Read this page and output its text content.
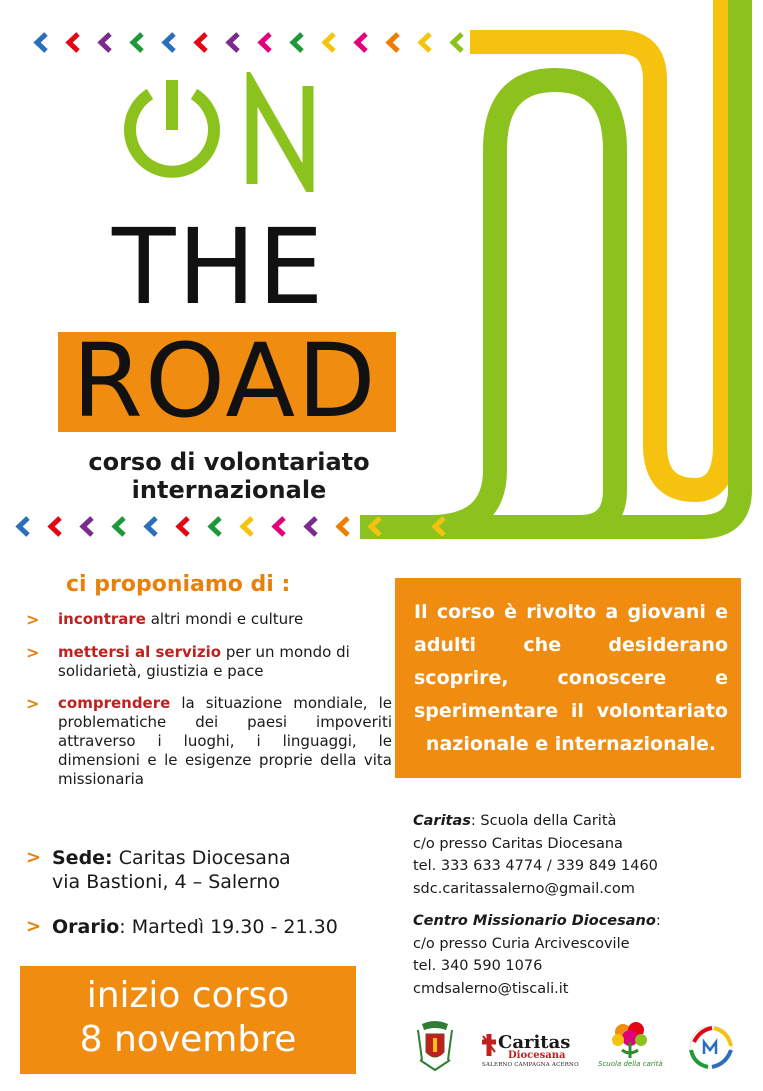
THE
ROAD
corso di volontariato
internazionale
ci proponiamo di :
> incontrare altri mondi e culture
> mettersi al servizio per un mondo di solidarietà, giustizia e pace
> comprendere la situazione mondiale, le problematiche dei paesi impoveriti attraverso i luoghi, i linguaggi, le dimensioni e le esigenze proprie della vita missionaria
> Sede: Caritas Diocesana
via Bastioni, 4 – Salerno
> Orario: Martedì 19.30 - 21.30
Il corso è rivolto a giovani e adulti che desiderano scoprire, conoscere e sperimentare il volontariato nazionale e internazionale.
Caritas: Scuola della Carità
c/o presso Caritas Diocesana
tel. 333 633 4774 / 339 849 1460
sdc.caritassalerno@gmail.com
Centro Missionario Diocesano:
c/o presso Curia Arcivescovile
tel. 340 590 1076
cmdsalerno@tiscali.it
inizio corso
8 novembre	Caritas
Diocesana
SALERNO CAMPAGNA ACERNO	Scuola della carità
